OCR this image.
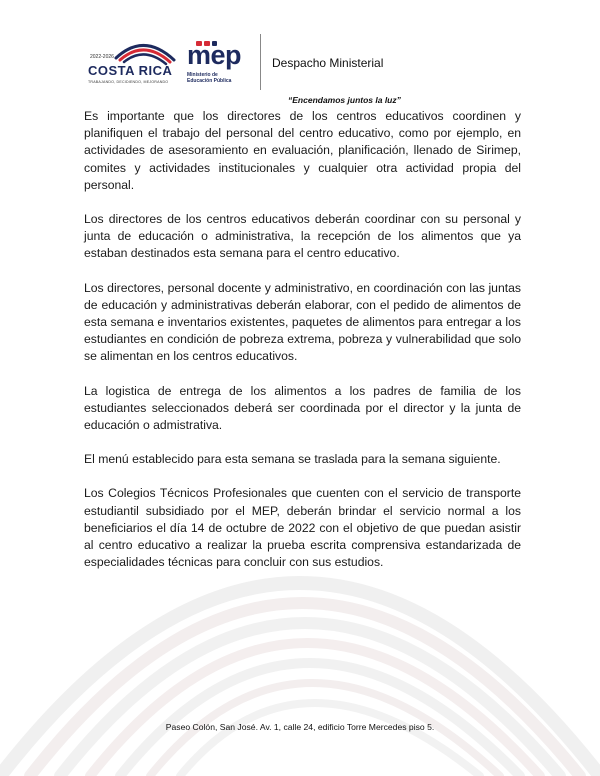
2022-2026
COSTA RICA
TRABAJANDO, DECIDIENDO, MEJORANDO
mep
Ministerio de
Educación Pública
Despacho Ministerial
“Encendamos juntos la luz”

Es importante que los directores de los centros educativos coordinen y planifiquen el trabajo del personal del centro educativo, como por ejemplo, en actividades de asesoramiento en evaluación, planificación, llenado de Sirimep, comites y actividades institucionales y cualquier otra actividad propia del personal.

Los directores de los centros educativos deberán coordinar con su personal y junta de educación o administrativa, la recepción de los alimentos que ya estaban destinados esta semana para el centro educativo.

Los directores, personal docente y administrativo, en coordinación con las juntas de educación y administrativas deberán elaborar, con el pedido de alimentos de esta semana e inventarios existentes, paquetes de alimentos para entregar a los estudiantes en condición de pobreza extrema, pobreza y vulnerabilidad que solo se alimentan en los centros educativos.

La logistica de entrega de los alimentos a los padres de familia de los estudiantes seleccionados deberá ser coordinada por el director y la junta de educación o admistrativa.

El menú establecido para esta semana se traslada para la semana siguiente.

Los Colegios Técnicos Profesionales que cuenten con el servicio de transporte estudiantil subsidiado por el MEP, deberán brindar el servicio normal a los beneficiarios el día 14 de octubre de 2022 con el objetivo de que puedan asistir al centro educativo a realizar la prueba escrita comprensiva estandarizada de especialidades técnicas para concluir con sus estudios.

Paseo Colón, San José. Av. 1, calle 24, edificio Torre Mercedes piso 5.
